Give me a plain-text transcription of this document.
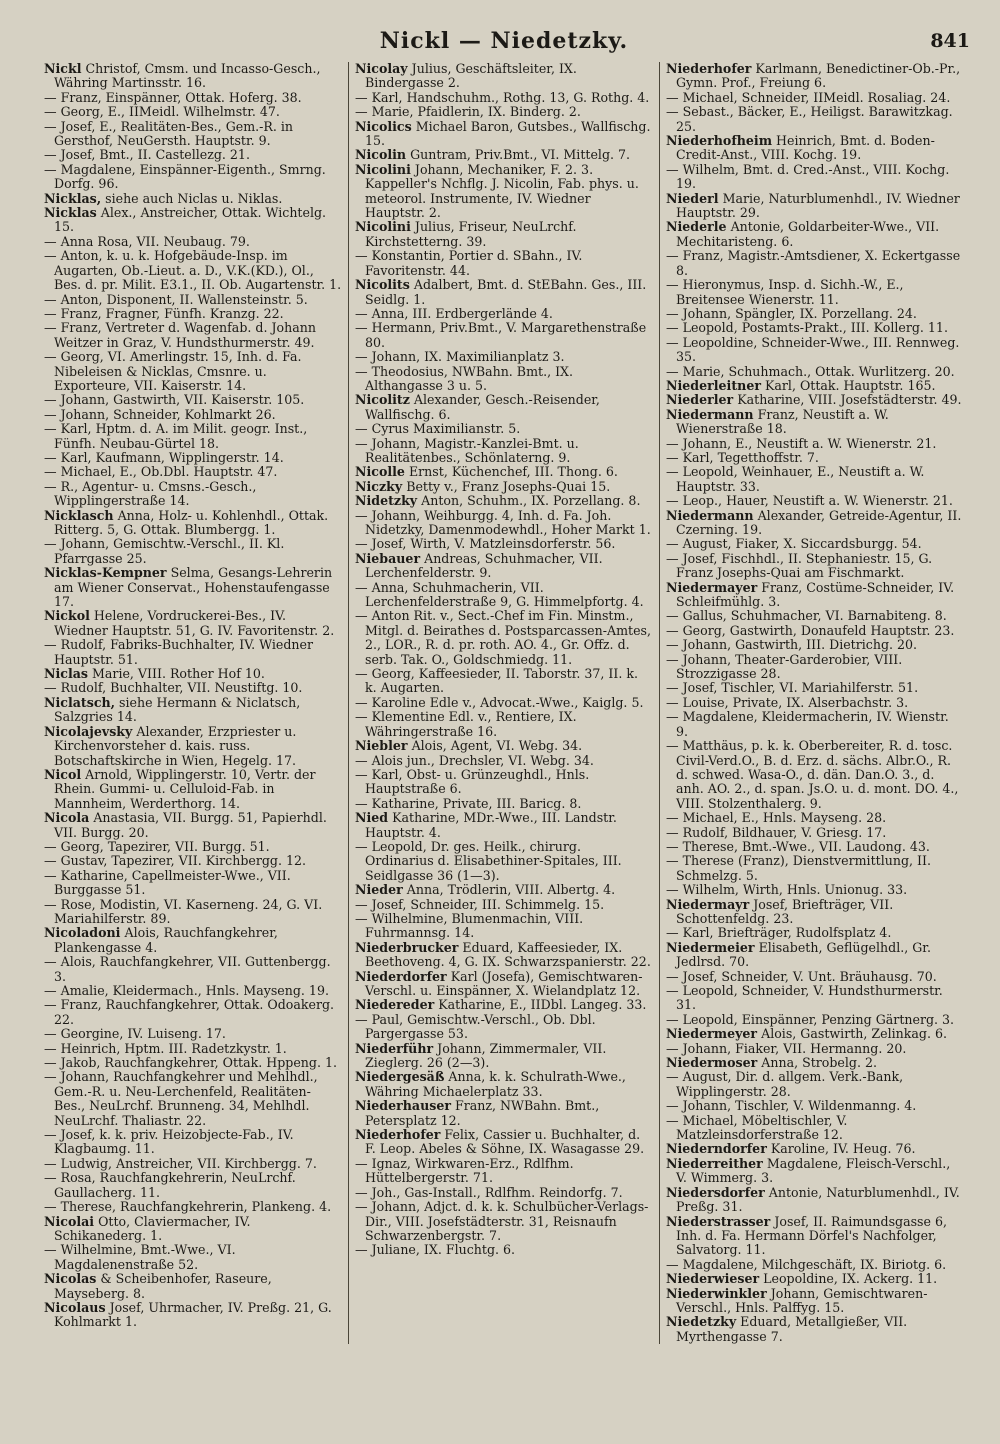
Nickl — Niedetzky.	841

Nickl Christof, Cmsm. und Incasso-Gesch., Währing Martinsstr. 16.

— Franz, Einspänner, Ottak. Hoferg. 38.

— Georg, E., IIMeidl. Wilhelmstr. 47.

— Josef, E., Realitäten-Bes., Gem.-R. in Gersthof, NeuGersth. Hauptstr. 9.

— Josef, Bmt., II. Castellezg. 21.

— Magdalene, Einspänner-Eigenth., Smrng. Dorfg. 96.

Nicklas, siehe auch Niclas u. Niklas.

Nicklas Alex., Anstreicher, Ottak. Wichtelg. 15.

— Anna Rosa, VII. Neubaug. 79.

— Anton, k. u. k. Hofgebäude-Insp. im Augarten, Ob.-Lieut. a. D., V.K.(KD.), Ol., Bes. d. pr. Milit. E3.1., II. Ob. Augartenstr. 1.

— Anton, Disponent, II. Wallensteinstr. 5.

— Franz, Fragner, Fünfh. Kranzg. 22.

— Franz, Vertreter d. Wagenfab. d. Johann Weitzer in Graz, V. Hundsthurmerstr. 49.

— Georg, VI. Amerlingstr. 15, Inh. d. Fa. Nibeleisen & Nicklas, Cmsnre. u. Exporteure, VII. Kaiserstr. 14.

— Johann, Gastwirth, VII. Kaiserstr. 105.

— Johann, Schneider, Kohlmarkt 26.

— Karl, Hptm. d. A. im Milit. geogr. Inst., Fünfh. Neubau-Gürtel 18.

— Karl, Kaufmann, Wipplingerstr. 14.

— Michael, E., Ob.Dbl. Hauptstr. 47.

— R., Agentur- u. Cmsns.-Gesch., Wipplingerstraße 14.

Nicklasch Anna, Holz- u. Kohlenhdl., Ottak. Ritterg. 5, G. Ottak. Blumbergg. 1.

— Johann, Gemischtw.-Verschl., II. Kl. Pfarrgasse 25.

Nicklas-Kempner Selma, Gesangs-Lehrerin am Wiener Conservat., Hohenstaufengasse 17.

Nickol Helene, Vordruckerei-Bes., IV. Wiedner Hauptstr. 51, G. IV. Favoritenstr. 2.

— Rudolf, Fabriks-Buchhalter, IV. Wiedner Hauptstr. 51.

Niclas Marie, VIII. Rother Hof 10.

— Rudolf, Buchhalter, VII. Neustiftg. 10.

Niclatsch, siehe Hermann & Niclatsch, Salzgries 14.

Nicolajevsky Alexander, Erzpriester u. Kirchenvorsteher d. kais. russ. Botschaftskirche in Wien, Hegelg. 17.

Nicol Arnold, Wipplingerstr. 10, Vertr. der Rhein. Gummi- u. Celluloid-Fab. in Mannheim, Werderthorg. 14.

Nicola Anastasia, VII. Burgg. 51, Papierhdl. VII. Burgg. 20.

— Georg, Tapezirer, VII. Burgg. 51.

— Gustav, Tapezirer, VII. Kirchbergg. 12.

— Katharine, Capellmeister-Wwe., VII. Burggasse 51.

— Rose, Modistin, VI. Kaserneng. 24, G. VI. Mariahilferstr. 89.

Nicoladoni Alois, Rauchfangkehrer, Plankengasse 4.

— Alois, Rauchfangkehrer, VII. Guttenbergg. 3.

— Amalie, Kleidermach., Hnls. Mayseng. 19.

— Franz, Rauchfangkehrer, Ottak. Odoakerg. 22.

— Georgine, IV. Luiseng. 17.

— Heinrich, Hptm. III. Radetzkystr. 1.

— Jakob, Rauchfangkehrer, Ottak. Hppeng. 1.

— Johann, Rauchfangkehrer und Mehlhdl., Gem.-R. u. Neu-Lerchenfeld, Realitäten-Bes., NeuLrchf. Brunneng. 34, Mehlhdl. NeuLrchf. Thaliastr. 22.

— Josef, k. k. priv. Heizobjecte-Fab., IV. Klagbaumg. 11.

— Ludwig, Anstreicher, VII. Kirchbergg. 7.

— Rosa, Rauchfangkehrerin, NeuLrchf. Gaullacherg. 11.

— Therese, Rauchfangkehrerin, Plankeng. 4.

Nicolai Otto, Claviermacher, IV. Schikanederg. 1.

— Wilhelmine, Bmt.-Wwe., VI. Magdalenenstraße 52.

Nicolas & Scheibenhofer, Raseure, Mayseberg. 8.

Nicolaus Josef, Uhrmacher, IV. Preßg. 21, G. Kohlmarkt 1.

Nicolay Julius, Geschäftsleiter, IX. Bindergasse 2.

— Karl, Handschuhm., Rothg. 13, G. Rothg. 4.

— Marie, Pfaidlerin, IX. Binderg. 2.

Nicolics Michael Baron, Gutsbes., Wallfischg. 15.

Nicolin Guntram, Priv.Bmt., VI. Mittelg. 7.

Nicolini Johann, Mechaniker, F. 2. 3. Kappeller's Nchflg. J. Nicolin, Fab. phys. u. meteorol. Instrumente, IV. Wiedner Hauptstr. 2.

Nicolini Julius, Friseur, NeuLrchf. Kirchstetterng. 39.

— Konstantin, Portier d. SBahn., IV. Favoritenstr. 44.

Nicolits Adalbert, Bmt. d. StEBahn. Ges., III. Seidlg. 1.

— Anna, III. Erdbergerlände 4.

— Hermann, Priv.Bmt., V. Margarethenstraße 80.

— Johann, IX. Maximilianplatz 3.

— Theodosius, NWBahn. Bmt., IX. Althangasse 3 u. 5.

Nicolitz Alexander, Gesch.-Reisender, Wallfischg. 6.

— Cyrus Maximilianstr. 5.

— Johann, Magistr.-Kanzlei-Bmt. u. Realitätenbes., Schönlaterng. 9.

Nicolle Ernst, Küchenchef, III. Thong. 6.

Niczky Betty v., Franz Josephs-Quai 15.

Nidetzky Anton, Schuhm., IX. Porzellang. 8.

— Johann, Weihburgg. 4, Inh. d. Fa. Joh. Nidetzky, Damenmodewhdl., Hoher Markt 1.

— Josef, Wirth, V. Matzleinsdorferstr. 56.

Niebauer Andreas, Schuhmacher, VII. Lerchenfelderstr. 9.

— Anna, Schuhmacherin, VII. Lerchenfelderstraße 9, G. Himmelpfortg. 4.

— Anton Rit. v., Sect.-Chef im Fin. Minstm., Mitgl. d. Beirathes d. Postsparcassen-Amtes, 2., LOR., R. d. pr. roth. AO. 4., Gr. Offz. d. serb. Tak. O., Goldschmiedg. 11.

— Georg, Kaffeesieder, II. Taborstr. 37, II. k. k. Augarten.

— Karoline Edle v., Advocat.-Wwe., Kaiglg. 5.

— Klementine Edl. v., Rentiere, IX. Währingerstraße 16.

Niebler Alois, Agent, VI. Webg. 34.

— Alois jun., Drechsler, VI. Webg. 34.

— Karl, Obst- u. Grünzeughdl., Hnls. Hauptstraße 6.

— Katharine, Private, III. Baricg. 8.

Nied Katharine, MDr.-Wwe., III. Landstr. Hauptstr. 4.

— Leopold, Dr. ges. Heilk., chirurg. Ordinarius d. Elisabethiner-Spitales, III. Seidlgasse 36 (1—3).

Nieder Anna, Trödlerin, VIII. Albertg. 4.

— Josef, Schneider, III. Schimmelg. 15.

— Wilhelmine, Blumenmachin, VIII. Fuhrmannsg. 14.

Niederbrucker Eduard, Kaffeesieder, IX. Beethoveng. 4, G. IX. Schwarzspanierstr. 22.

Niederdorfer Karl (Josefa), Gemischtwaren-Verschl. u. Einspänner, X. Wielandplatz 12.

Niedereder Katharine, E., IIDbl. Langeg. 33.

— Paul, Gemischtw.-Verschl., Ob. Dbl. Pargergasse 53.

Niederführ Johann, Zimmermaler, VII. Zieglerg. 26 (2—3).

Niedergesäß Anna, k. k. Schulrath-Wwe., Währing Michaelerplatz 33.

Niederhauser Franz, NWBahn. Bmt., Petersplatz 12.

Niederhofer Felix, Cassier u. Buchhalter, d. F. Leop. Abeles & Söhne, IX. Wasagasse 29.

— Ignaz, Wirkwaren-Erz., Rdlfhm. Hüttelbergerstr. 71.

— Joh., Gas-Install., Rdlfhm. Reindorfg. 7.

— Johann, Adjct. d. k. k. Schulbücher-Verlags-Dir., VIII. Josefstädterstr. 31, Reisnaufn Schwarzenbergstr. 7.

— Juliane, IX. Fluchtg. 6.

Niederhofer Karlmann, Benedictiner-Ob.-Pr., Gymn. Prof., Freiung 6.

— Michael, Schneider, IIMeidl. Rosaliag. 24.

— Sebast., Bäcker, E., Heiligst. Barawitzkag. 25.

Niederhofheim Heinrich, Bmt. d. Boden-Credit-Anst., VIII. Kochg. 19.

— Wilhelm, Bmt. d. Cred.-Anst., VIII. Kochg. 19.

Niederl Marie, Naturblumenhdl., IV. Wiedner Hauptstr. 29.

Niederle Antonie, Goldarbeiter-Wwe., VII. Mechitaristeng. 6.

— Franz, Magistr.-Amtsdiener, X. Eckertgasse 8.

— Hieronymus, Insp. d. Sichh.-W., E., Breitensee Wienerstr. 11.

— Johann, Spängler, IX. Porzellang. 24.

— Leopold, Postamts-Prakt., III. Kollerg. 11.

— Leopoldine, Schneider-Wwe., III. Rennweg. 35.

— Marie, Schuhmach., Ottak. Wurlitzerg. 20.

Niederleitner Karl, Ottak. Hauptstr. 165.

Niederler Katharine, VIII. Josefstädterstr. 49.

Niedermann Franz, Neustift a. W. Wienerstraße 18.

— Johann, E., Neustift a. W. Wienerstr. 21.

— Karl, Tegetthoffstr. 7.

— Leopold, Weinhauer, E., Neustift a. W. Hauptstr. 33.

— Leop., Hauer, Neustift a. W. Wienerstr. 21.

Niedermann Alexander, Getreide-Agentur, II. Czerning. 19.

— August, Fiaker, X. Siccardsburgg. 54.

— Josef, Fischhdl., II. Stephaniestr. 15, G. Franz Josephs-Quai am Fischmarkt.

Niedermayer Franz, Costüme-Schneider, IV. Schleifmühlg. 3.

— Gallus, Schuhmacher, VI. Barnabiteng. 8.

— Georg, Gastwirth, Donaufeld Hauptstr. 23.

— Johann, Gastwirth, III. Dietrichg. 20.

— Johann, Theater-Garderobier, VIII. Strozzigasse 28.

— Josef, Tischler, VI. Mariahilferstr. 51.

— Louise, Private, IX. Alserbachstr. 3.

— Magdalene, Kleidermacherin, IV. Wienstr. 9.

— Matthäus, p. k. k. Oberbereiter, R. d. tosc. Civil-Verd.O., B. d. Erz. d. sächs. Albr.O., R. d. schwed. Wasa-O., d. dän. Dan.O. 3., d. anh. AO. 2., d. span. Js.O. u. d. mont. DO. 4., VIII. Stolzenthalerg. 9.

— Michael, E., Hnls. Mayseng. 28.

— Rudolf, Bildhauer, V. Griesg. 17.

— Therese, Bmt.-Wwe., VII. Laudong. 43.

— Therese (Franz), Dienstvermittlung, II. Schmelzg. 5.

— Wilhelm, Wirth, Hnls. Unionug. 33.

Niedermayr Josef, Briefträger, VII. Schottenfeldg. 23.

— Karl, Briefträger, Rudolfsplatz 4.

Niedermeier Elisabeth, Geflügelhdl., Gr. Jedlrsd. 70.

— Josef, Schneider, V. Unt. Bräuhausg. 70.

— Leopold, Schneider, V. Hundsthurmerstr. 31.

— Leopold, Einspänner, Penzing Gärtnerg. 3.

Niedermeyer Alois, Gastwirth, Zelinkag. 6.

— Johann, Fiaker, VII. Hermanng. 20.

Niedermoser Anna, Strobelg. 2.

— August, Dir. d. allgem. Verk.-Bank, Wipplingerstr. 28.

— Johann, Tischler, V. Wildenmanng. 4.

— Michael, Möbeltischler, V. Matzleinsdorferstraße 12.

Niederndorfer Karoline, IV. Heug. 76.

Niederreither Magdalene, Fleisch-Verschl., V. Wimmerg. 3.

Niedersdorfer Antonie, Naturblumenhdl., IV. Preßg. 31.

Niederstrasser Josef, II. Raimundsgasse 6, Inh. d. Fa. Hermann Dörfel's Nachfolger, Salvatorg. 11.

— Magdalene, Milchgeschäft, IX. Biriotg. 6.

Niederwieser Leopoldine, IX. Ackerg. 11.

Niederwinkler Johann, Gemischtwaren-Verschl., Hnls. Palffyg. 15.

Niedetzky Eduard, Metallgießer, VII. Myrthengasse 7.
